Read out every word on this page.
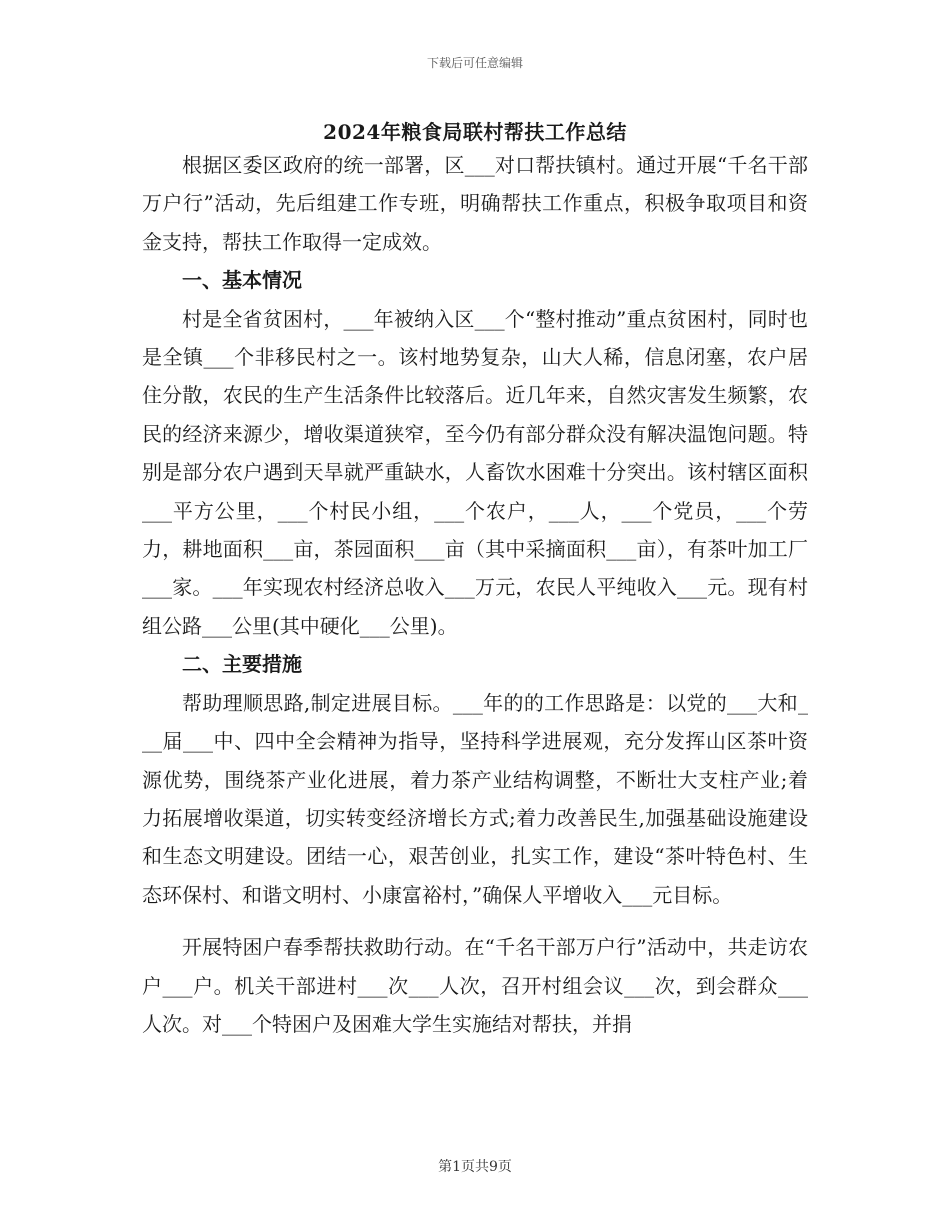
下载后可任意编辑
2024年粮食局联村帮扶工作总结

根据区委区政府的统一部署，区___对口帮扶镇村。通过开展“千名干部万户行”活动，先后组建工作专班，明确帮扶工作重点，积极争取项目和资金支持，帮扶工作取得一定成效。

一、基本情况

村是全省贫困村，___年被纳入区___个“整村推动”重点贫困村，同时也是全镇___个非移民村之一。该村地势复杂，山大人稀，信息闭塞，农户居住分散，农民的生产生活条件比较落后。近几年来，自然灾害发生频繁，农民的经济来源少，增收渠道狭窄，至今仍有部分群众没有解决温饱问题。特别是部分农户遇到天旱就严重缺水，人畜饮水困难十分突出。该村辖区面积___平方公里，___个村民小组，___个农户，___人，___个党员，___个劳力，耕地面积___亩，茶园面积___亩（其中采摘面积___亩），有茶叶加工厂___家。___年实现农村经济总收入___万元，农民人平纯收入___元。现有村组公路___公里(其中硬化___公里)。

二、主要措施

帮助理顺思路,制定进展目标。___年的的工作思路是：以党的___大和___届___中、四中全会精神为指导，坚持科学进展观，充分发挥山区茶叶资源优势，围绕茶产业化进展，着力茶产业结构调整，不断壮大支柱产业;着力拓展增收渠道，切实转变经济增长方式;着力改善民生,加强基础设施建设和生态文明建设。团结一心，艰苦创业，扎实工作，建设“茶叶特色村、生态环保村、和谐文明村、小康富裕村，”确保人平增收入___元目标。

开展特困户春季帮扶救助行动。在“千名干部万户行”活动中，共走访农户___户。机关干部进村___次___人次，召开村组会议___次，到会群众___人次。对___个特困户及困难大学生实施结对帮扶，并捐

第1页共9页
